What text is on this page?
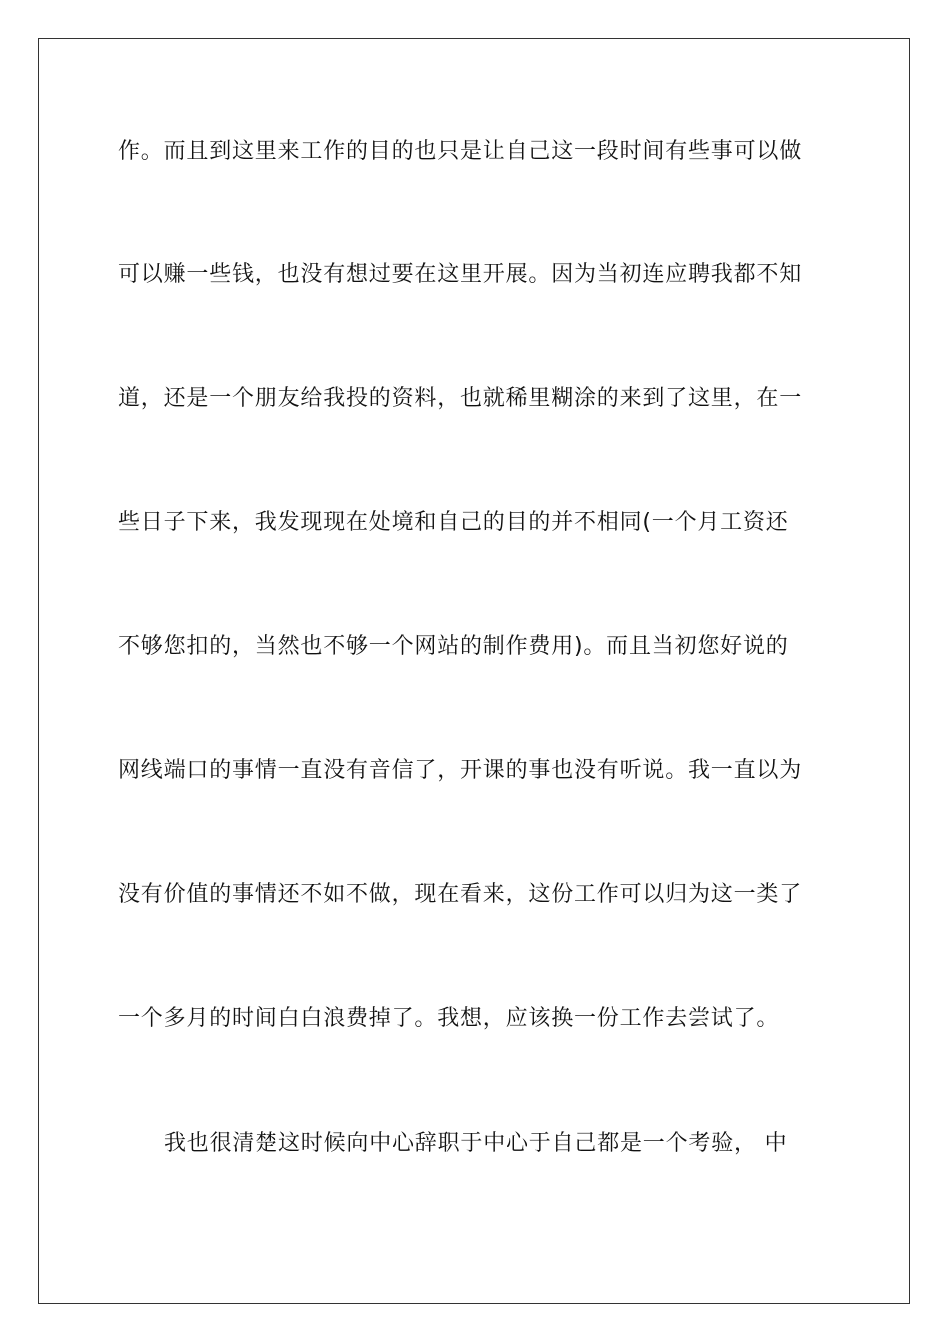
作。而且到这里来工作的目的也只是让自己这一段时间有些事可以做
可以赚一些钱，也没有想过要在这里开展。因为当初连应聘我都不知
道，还是一个朋友给我投的资料，也就稀里糊涂的来到了这里，在一
些日子下来，我发现现在处境和自己的目的并不相同(一个月工资还
不够您扣的，当然也不够一个网站的制作费用)。而且当初您好说的
网线端口的事情一直没有音信了，开课的事也没有听说。我一直以为
没有价值的事情还不如不做，现在看来，这份工作可以归为这一类了
一个多月的时间白白浪费掉了。我想，应该换一份工作去尝试了。
我也很清楚这时候向中心辞职于中心于自己都是一个考验， 中
